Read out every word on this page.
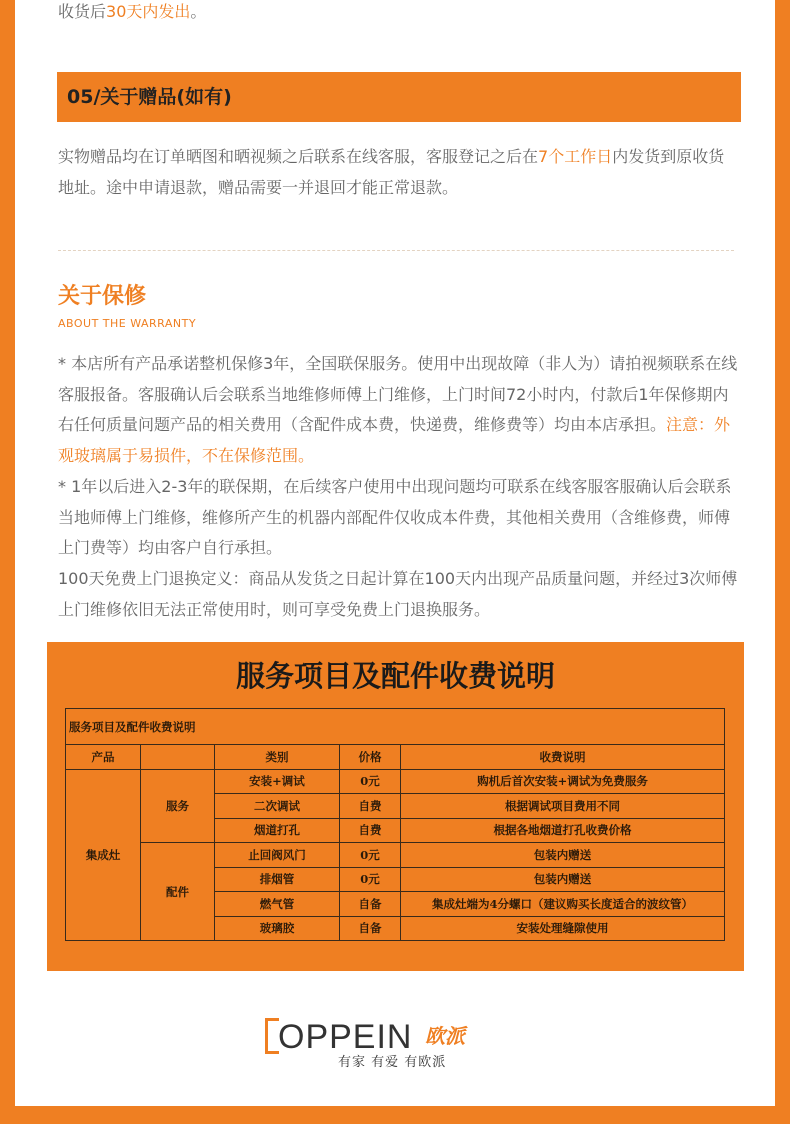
收货后30天内发出。
05/关于赠品(如有)
实物赠品均在订单晒图和晒视频之后联系在线客服，客服登记之后在7个工作日内发货到原收货地址。途中申请退款，赠品需要一并退回才能正常退款。
关于保修
ABOUT THE WARRANTY

* 本店所有产品承诺整机保修3年，全国联保服务。使用中出现故障（非人为）请拍视频联系在线客服报备。客服确认后会联系当地维修师傅上门维修，上门时间72小时内，付款后1年保修期内右任何质量问题产品的相关费用（含配件成本费，快递费，维修费等）均由本店承担。注意：外观玻璃属于易损件，不在保修范围。

* 1年以后进入2-3年的联保期，在后续客户使用中出现问题均可联系在线客服客服确认后会联系当地师傅上门维修，维修所产生的机器内部配件仅收成本件费，其他相关费用（含维修费，师傅上门费等）均由客户自行承担。

100天免费上门退换定义：商品从发货之日起计算在100天内出现产品质量问题，并经过3次师傅上门维修依旧无法正常使用时，则可享受免费上门退换服务。

服务项目及配件收费说明
服务项目及配件收费说明				
产品		类别	价格	收费说明
集成灶	服务	安装+调试	0元	购机后首次安装+调试为免费服务
		二次调试	自费	根据调试项目费用不同
		烟道打孔	自费	根据各地烟道打孔收费价格
	配件	止回阀风门	0元	包装内赠送
		排烟管	0元	包装内赠送
		燃气管	自备	集成灶端为4分螺口（建议购买长度适合的波纹管）
		玻璃胶	自备	安装处理缝隙使用
OPPEIN 欧派
有家 有爱 有欧派
